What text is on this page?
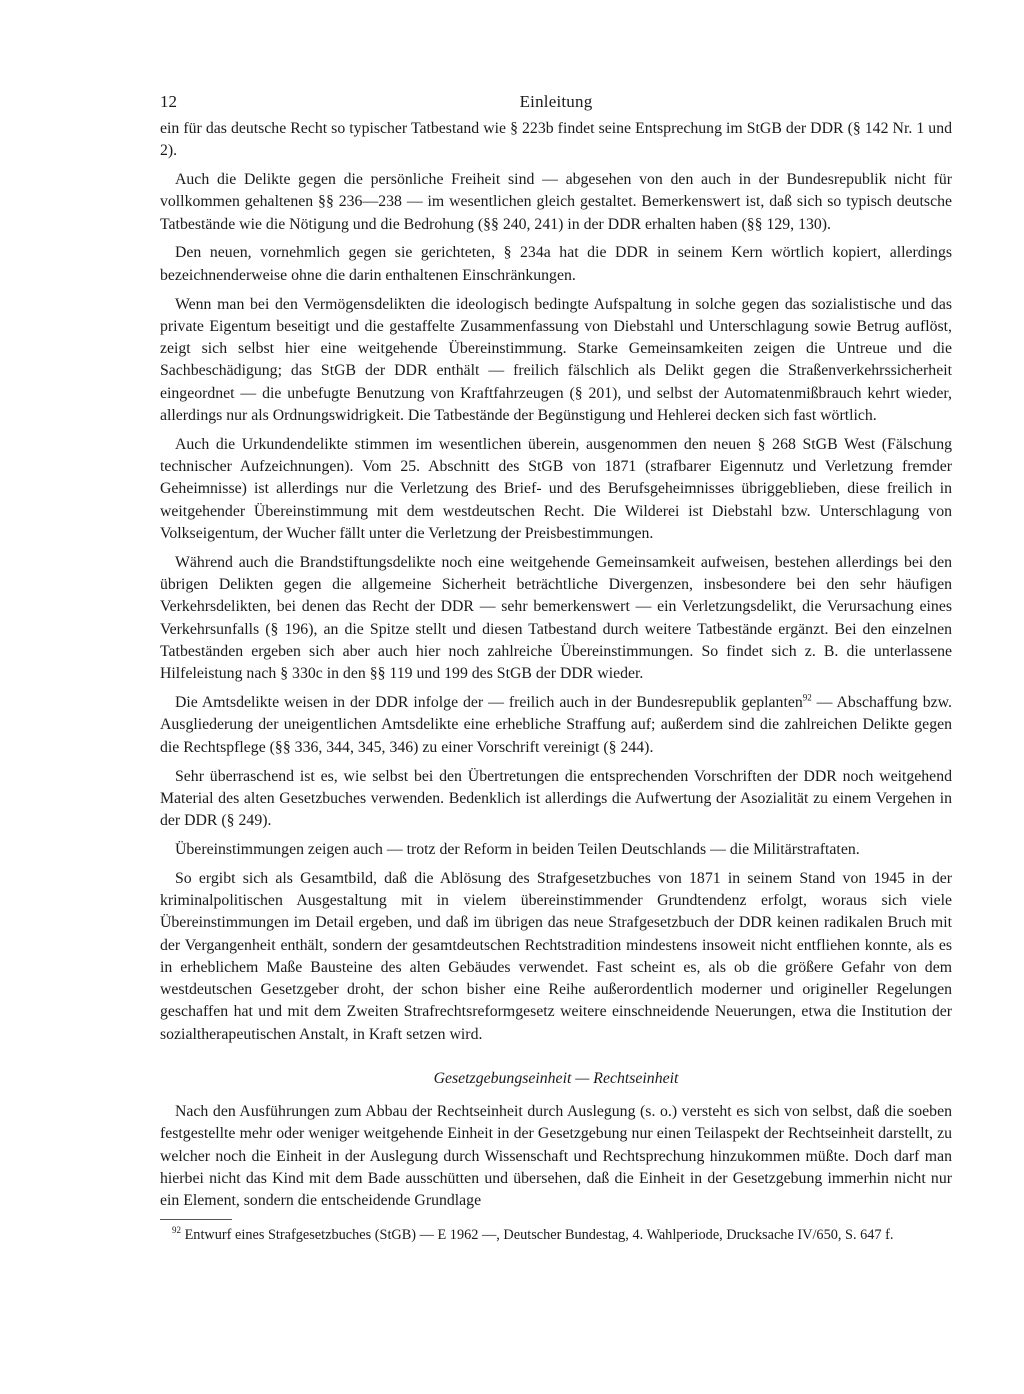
12	Einleitung

ein für das deutsche Recht so typischer Tatbestand wie § 223b findet seine Entsprechung im StGB der DDR (§ 142 Nr. 1 und 2).

Auch die Delikte gegen die persönliche Freiheit sind — abgesehen von den auch in der Bundesrepublik nicht für vollkommen gehaltenen §§ 236—238 — im wesentlichen gleich gestaltet. Bemerkenswert ist, daß sich so typisch deutsche Tatbestände wie die Nötigung und die Bedrohung (§§ 240, 241) in der DDR erhalten haben (§§ 129, 130).

Den neuen, vornehmlich gegen sie gerichteten, § 234a hat die DDR in seinem Kern wörtlich kopiert, allerdings bezeichnenderweise ohne die darin enthaltenen Einschränkungen.

Wenn man bei den Vermögensdelikten die ideologisch bedingte Aufspaltung in solche gegen das sozialistische und das private Eigentum beseitigt und die gestaffelte Zusammenfassung von Diebstahl und Unterschlagung sowie Betrug auflöst, zeigt sich selbst hier eine weitgehende Übereinstimmung. Starke Gemeinsamkeiten zeigen die Untreue und die Sachbeschädigung; das StGB der DDR enthält — freilich fälschlich als Delikt gegen die Straßenverkehrssicherheit eingeordnet — die unbefugte Benutzung von Kraftfahrzeugen (§ 201), und selbst der Automatenmißbrauch kehrt wieder, allerdings nur als Ordnungswidrigkeit. Die Tatbestände der Begünstigung und Hehlerei decken sich fast wörtlich.

Auch die Urkundendelikte stimmen im wesentlichen überein, ausgenommen den neuen § 268 StGB West (Fälschung technischer Aufzeichnungen). Vom 25. Abschnitt des StGB von 1871 (strafbarer Eigennutz und Verletzung fremder Geheimnisse) ist allerdings nur die Verletzung des Brief- und des Berufsgeheimnisses übriggeblieben, diese freilich in weitgehender Übereinstimmung mit dem westdeutschen Recht. Die Wilderei ist Diebstahl bzw. Unterschlagung von Volkseigentum, der Wucher fällt unter die Verletzung der Preisbestimmungen.

Während auch die Brandstiftungsdelikte noch eine weitgehende Gemeinsamkeit aufweisen, bestehen allerdings bei den übrigen Delikten gegen die allgemeine Sicherheit beträchtliche Divergenzen, insbesondere bei den sehr häufigen Verkehrsdelikten, bei denen das Recht der DDR — sehr bemerkenswert — ein Verletzungsdelikt, die Verursachung eines Verkehrsunfalls (§ 196), an die Spitze stellt und diesen Tatbestand durch weitere Tatbestände ergänzt. Bei den einzelnen Tatbeständen ergeben sich aber auch hier noch zahlreiche Übereinstimmungen. So findet sich z. B. die unterlassene Hilfeleistung nach § 330c in den §§ 119 und 199 des StGB der DDR wieder.

Die Amtsdelikte weisen in der DDR infolge der — freilich auch in der Bundesrepublik geplanten$^{92}$ — Abschaffung bzw. Ausgliederung der uneigentlichen Amtsdelikte eine erhebliche Straffung auf; außerdem sind die zahlreichen Delikte gegen die Rechtspflege (§§ 336, 344, 345, 346) zu einer Vorschrift vereinigt (§ 244).

Sehr überraschend ist es, wie selbst bei den Übertretungen die entsprechenden Vorschriften der DDR noch weitgehend Material des alten Gesetzbuches verwenden. Bedenklich ist allerdings die Aufwertung der Asozialität zu einem Vergehen in der DDR (§ 249).

Übereinstimmungen zeigen auch — trotz der Reform in beiden Teilen Deutschlands — die Militärstraftaten.

So ergibt sich als Gesamtbild, daß die Ablösung des Strafgesetzbuches von 1871 in seinem Stand von 1945 in der kriminalpolitischen Ausgestaltung mit in vielem übereinstimmender Grundtendenz erfolgt, woraus sich viele Übereinstimmungen im Detail ergeben, und daß im übrigen das neue Strafgesetzbuch der DDR keinen radikalen Bruch mit der Vergangenheit enthält, sondern der gesamtdeutschen Rechtstradition mindestens insoweit nicht entfliehen konnte, als es in erheblichem Maße Bausteine des alten Gebäudes verwendet. Fast scheint es, als ob die größere Gefahr von dem westdeutschen Gesetzgeber droht, der schon bisher eine Reihe außerordentlich moderner und origineller Regelungen geschaffen hat und mit dem Zweiten Strafrechtsreformgesetz weitere einschneidende Neuerungen, etwa die Institution der sozialtherapeutischen Anstalt, in Kraft setzen wird.

Gesetzgebungseinheit — Rechtseinheit

Nach den Ausführungen zum Abbau der Rechtseinheit durch Auslegung (s. o.) versteht es sich von selbst, daß die soeben festgestellte mehr oder weniger weitgehende Einheit in der Gesetzgebung nur einen Teilaspekt der Rechtseinheit darstellt, zu welcher noch die Einheit in der Auslegung durch Wissenschaft und Rechtsprechung hinzukommen müßte. Doch darf man hierbei nicht das Kind mit dem Bade ausschütten und übersehen, daß die Einheit in der Gesetzgebung immerhin nicht nur ein Element, sondern die entscheidende Grundlage

$^{92}$ Entwurf eines Strafgesetzbuches (StGB) — E 1962 —, Deutscher Bundestag, 4. Wahlperiode, Drucksache IV/650, S. 647 f.
